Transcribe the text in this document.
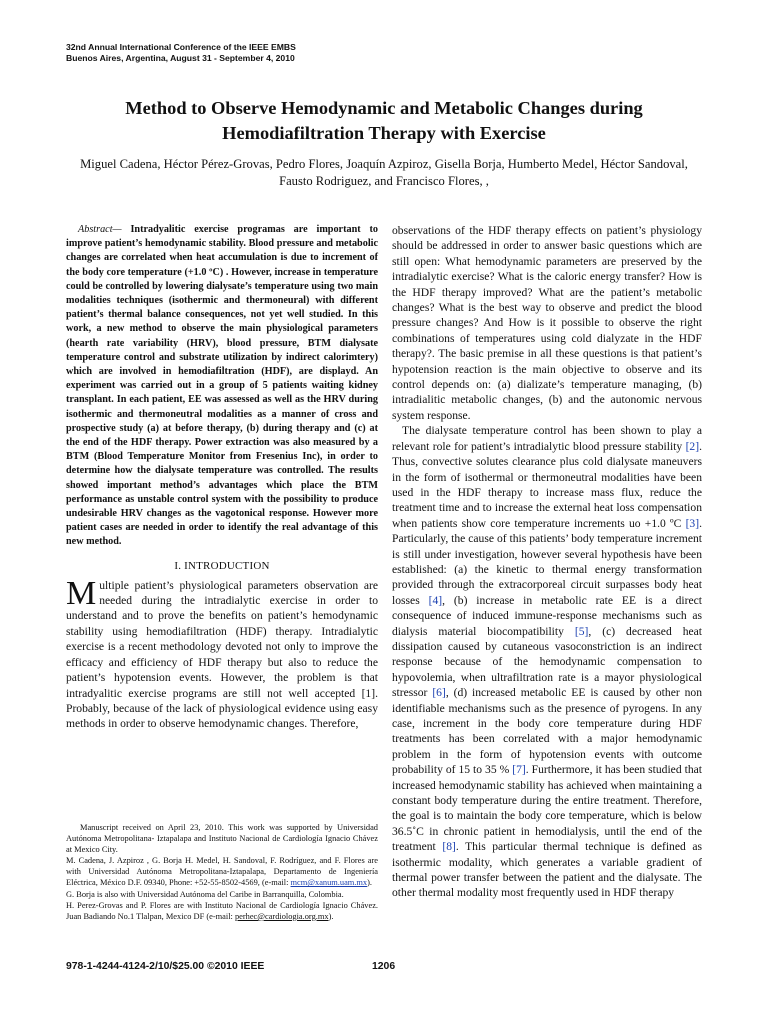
32nd Annual International Conference of the IEEE EMBS
Buenos Aires, Argentina, August 31 - September 4, 2010
Method to Observe Hemodynamic and Metabolic Changes during Hemodiafiltration Therapy with Exercise
Miguel Cadena, Héctor Pérez-Grovas, Pedro Flores, Joaquín Azpiroz, Gisella Borja, Humberto Medel, Héctor Sandoval, Fausto Rodriguez, and Francisco Flores, ,

Abstract— Intradyalitic exercise programas are important to improve patient’s hemodynamic stability. Blood pressure and metabolic changes are correlated when heat accumulation is due to increment of the body core temperature (+1.0 ºC) . However, increase in temperature could be controlled by lowering dialysate’s temperature using two main modalities techniques (isothermic and thermoneural) with different patient’s thermal balance consequences, not yet well studied. In this work, a new method to observe the main physiological parameters (hearth rate variability (HRV), blood pressure, BTM dialysate temperature control and substrate utilization by indirect calorimtery) which are involved in hemodiafiltration (HDF), are displayd. An experiment was carried out in a group of 5 patients waiting kidney transplant. In each patient, EE was assessed as well as the HRV during isothermic and thermoneutral modalities as a manner of cross and prospective study (a) at before therapy, (b) during therapy and (c) at the end of the HDF therapy. Power extraction was also measured by a BTM (Blood Temperature Monitor from Fresenius Inc), in order to determine how the dialysate temperature was controlled. The results showed important method’s advantages which place the BTM performance as unstable control system with the possibility to produce undesirable HRV changes as the vagotonical response. However more patient cases are needed in order to identify the real advantage of this new method.

I. INTRODUCTION

Multiple patient’s physiological parameters observation are needed during the intradialytic exercise in order to understand and to prove the benefits on patient’s hemodynamic stability using hemodiafiltration (HDF) therapy. Intradialytic exercise is a recent methodology devoted not only to improve the efficacy and efficiency of HDF therapy but also to reduce the patient’s hypotension events. However, the problem is that intradyalitic exercise programs are still not well accepted [1]. Probably, because of the lack of physiological evidence using easy methods in order to observe hemodynamic changes. Therefore,

Manuscript received on April 23, 2010. This work was supported by Universidad Autónoma Metropolitana- Iztapalapa and Instituto Nacional de Cardiología Ignacio Chávez at Mexico City.

M. Cadena, J. Azpiroz , G. Borja H. Medel, H. Sandoval, F. Rodríguez, and F. Flores are with Universidad Autónoma Metropolitana-Iztapalapa, Departamento de Ingeniería Eléctrica, México D.F. 09340, Phone: +52-55-8502-4569, (e-mail: mcm@xanum.uam.mx).

G. Borja is also with Universidad Autónoma del Caribe in Barranquilla, Colombia.

H. Perez-Grovas and P. Flores are with Instituto Nacional de Cardiología Ignacio Chávez. Juan Badiando No.1 Tlalpan, Mexico DF (e-mail: perhec@cardiologia.org.mx).

observations of the HDF therapy effects on patient’s physiology should be addressed in order to answer basic questions which are still open: What hemodynamic parameters are preserved by the intradialytic exercise? What is the caloric energy transfer? How is the HDF therapy improved? What are the patient’s metabolic changes? What is the best way to observe and predict the blood pressure changes? And How is it possible to observe the right combinations of temperatures using cold dialyzate in the HDF therapy?. The basic premise in all these questions is that patient’s hypotension reaction is the main objective to observe and its control depends on: (a) dializate’s temperature managing, (b) intradialitic metabolic changes, (b) and the autonomic nervous system response.

The dialysate temperature control has been shown to play a relevant role for patient’s intradialytic blood pressure stability [2]. Thus, convective solutes clearance plus cold dialysate maneuvers in the form of isothermal or thermoneutral modalities have been used in the HDF therapy to increase mass flux, reduce the treatment time and to increase the external heat loss compensation when patients show core temperature increments uo +1.0 ºC [3]. Particularly, the cause of this patients’ body temperature increment is still under investigation, however several hypothesis have been established: (a) the kinetic to thermal energy transformation provided through the extracorporeal circuit surpasses body heat losses [4], (b) increase in metabolic rate EE is a direct consequence of induced immune-response mechanisms such as dialysis material biocompatibility [5], (c) decreased heat dissipation caused by cutaneous vasoconstriction is an indirect response because of the hemodynamic compensation to hypovolemia, when ultrafiltration rate is a mayor physiological stressor [6], (d) increased metabolic EE is caused by other non identifiable mechanisms such as the presence of pyrogens. In any case, increment in the body core temperature during HDF treatments has been correlated with a major hemodynamic problem in the form of hypotension events with outcome probability of 15 to 35 % [7]. Furthermore, it has been studied that increased hemodynamic stability has achieved when maintaining a constant body temperature during the entire treatment. Therefore, the goal is to maintain the body core temperature, which is below 36.5˚C in chronic patient in hemodialysis, until the end of the treatment [8]. This particular thermal technique is defined as isothermic modality, which generates a variable gradient of thermal power transfer between the patient and the dialysate. The other thermal modality most frequently used in HDF therapy

978-1-4244-4124-2/10/$25.00 ©2010 IEEE	1206
